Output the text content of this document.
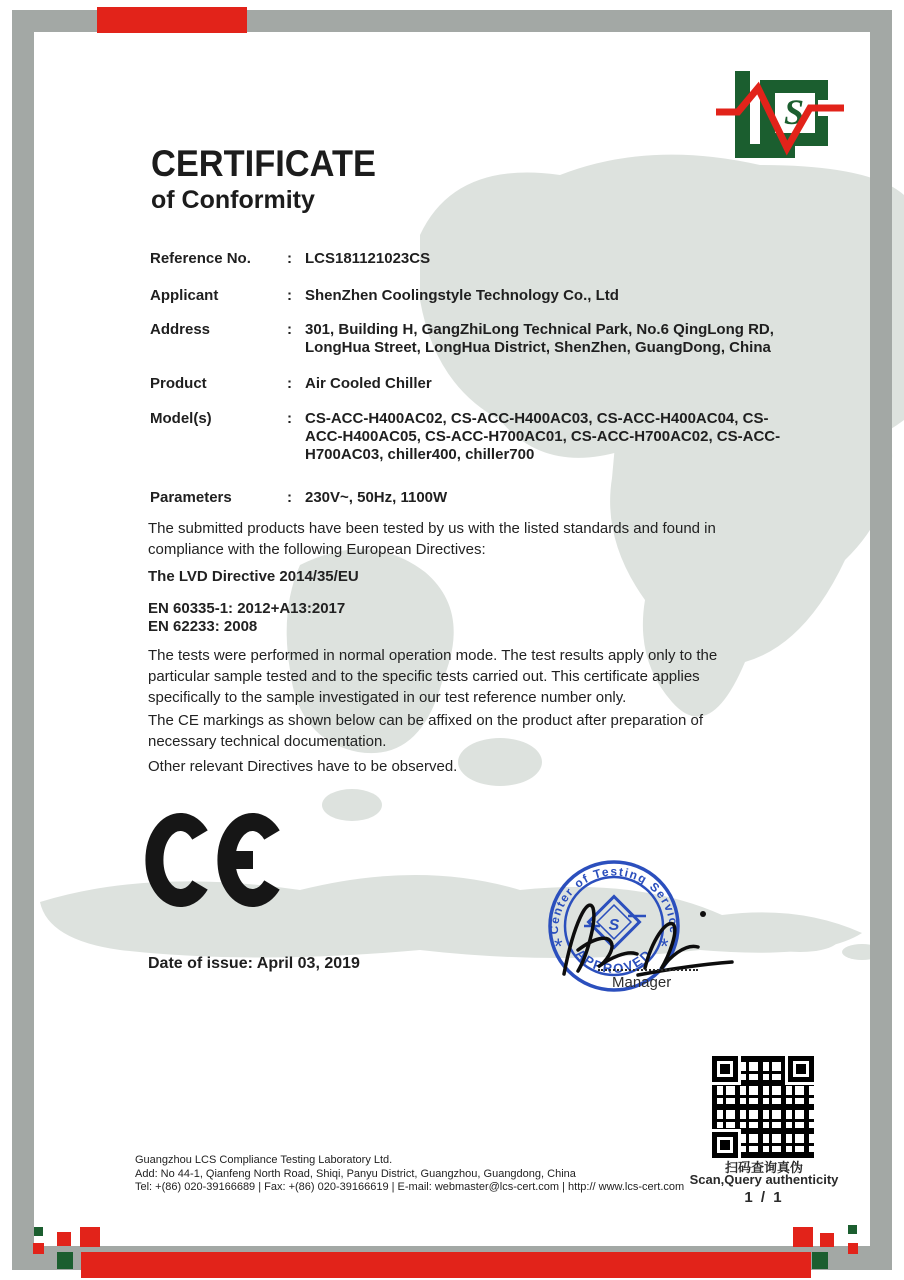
S
CERTIFICATE
of Conformity
Reference No.	: LCS181121023CS
Applicant	: ShenZhen Coolingstyle Technology Co., Ltd
Address	: 301, Building H, GangZhiLong Technical Park, No.6 QingLong RD, LongHua Street, LongHua District, ShenZhen, GuangDong, China
Product	: Air Cooled Chiller
Model(s)	: CS-ACC-H400AC02, CS-ACC-H400AC03, CS-ACC-H400AC04, CS-ACC-H400AC05, CS-ACC-H700AC01, CS-ACC-H700AC02, CS-ACC-H700AC03, chiller400, chiller700
Parameters	: 230V~, 50Hz, 1100W
The submitted products have been tested by us with the listed standards and found in compliance with the following European Directives:
The LVD Directive 2014/35/EU
EN 60335-1: 2012+A13:2017
EN 62233: 2008
The tests were performed in normal operation mode. The test results apply only to the particular sample tested and to the specific tests carried out. This certificate applies specifically to the sample investigated in our test reference number only.
The CE markings as shown below can be affixed on the product after preparation of necessary technical documentation.
Other relevant Directives have to be observed.
Date of issue: April 03, 2019
Center of Testing Service
APPROVED
*	*
S
Manager
扫码查询真伪
Scan,Query authenticity
1 / 1
Guangzhou LCS Compliance Testing Laboratory Ltd.
Add: No 44-1, Qianfeng North Road, Shiqi, Panyu District, Guangzhou, Guangdong, China
Tel: +(86) 020-39166689 | Fax: +(86) 020-39166619 | E-mail: webmaster@lcs-cert.com | http:// www.lcs-cert.com
